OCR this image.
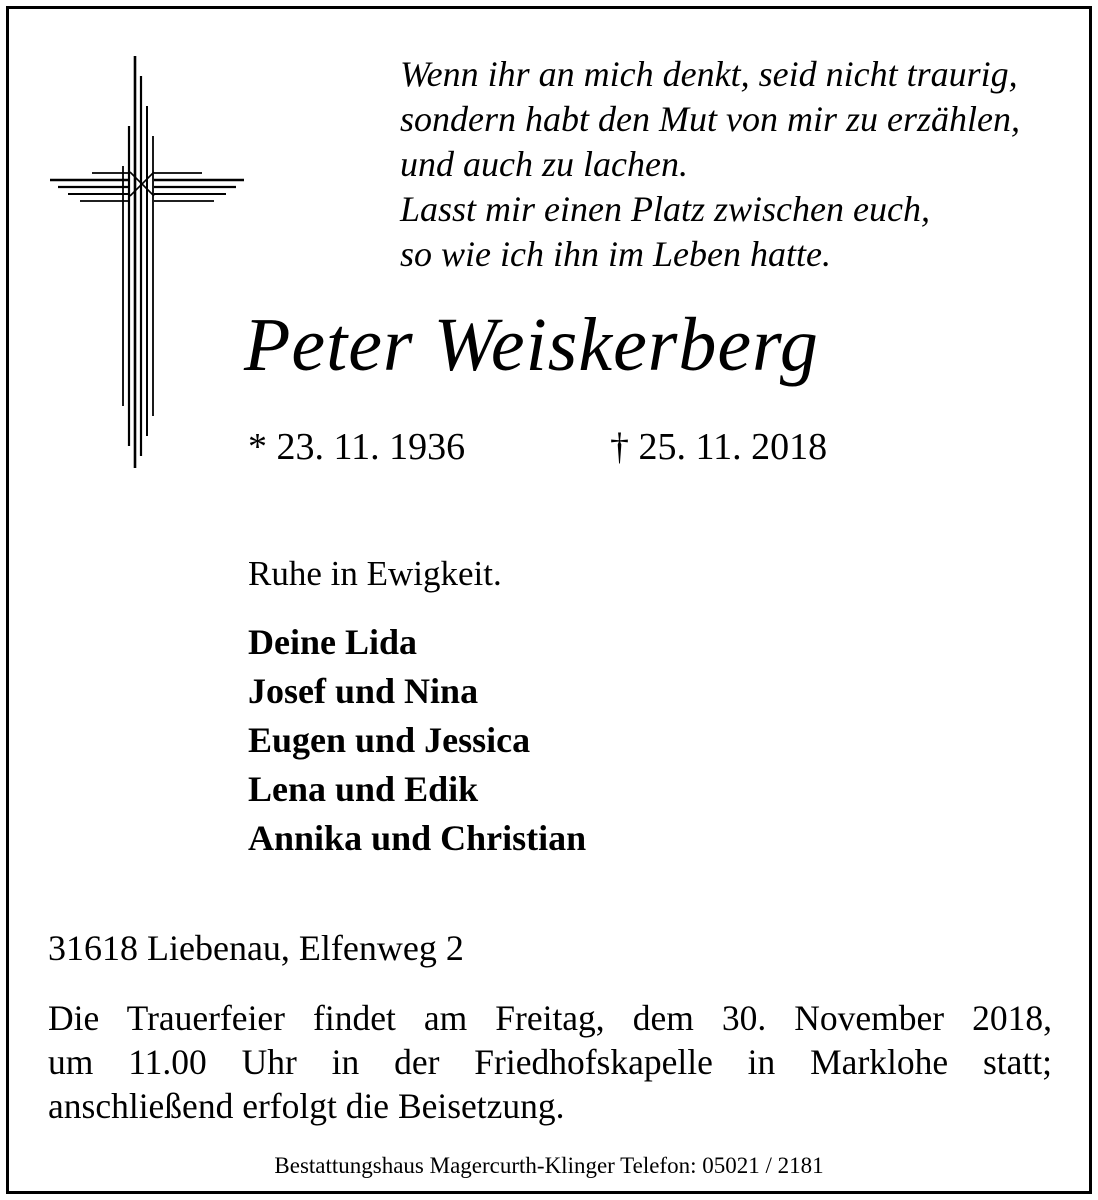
Wenn ihr an mich denkt, seid nicht traurig,
sondern habt den Mut von mir zu erzählen,
und auch zu lachen.
Lasst mir einen Platz zwischen euch,
so wie ich ihn im Leben hatte.
Peter Weiskerberg
* 23. 11. 1936	† 25. 11. 2018
Ruhe in Ewigkeit.
Deine Lida
Josef und Nina
Eugen und Jessica
Lena und Edik
Annika und Christian
31618 Liebenau, Elfenweg 2
Die Trauerfeier findet am Freitag, dem 30. November 2018,
um 11.00 Uhr in der Friedhofskapelle in Marklohe statt;
anschließend erfolgt die Beisetzung.
Bestattungshaus Magercurth-Klinger Telefon: 05021 / 2181
